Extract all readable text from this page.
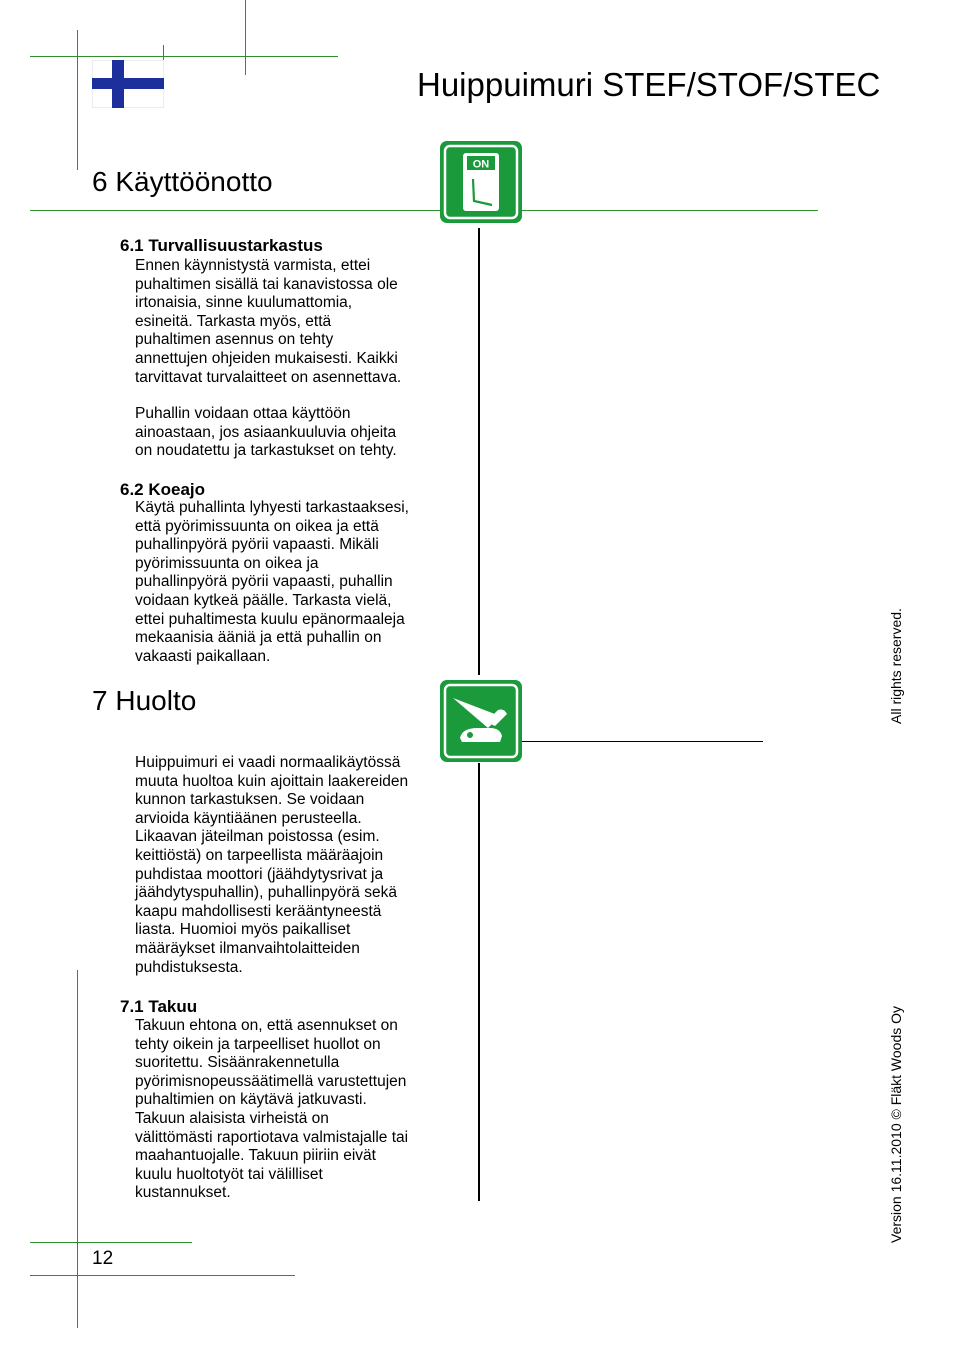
Huippuimuri STEF/STOF/STEC
6 Käyttöönotto
ON
6.1 Turvallisuustarkastus
Ennen käynnistystä varmista, ettei
puhaltimen sisällä tai kanavistossa ole
irtonaisia, sinne kuulumattomia,
esineitä. Tarkasta myös, että
puhaltimen asennus on tehty
annettujen ohjeiden mukaisesti. Kaikki
tarvittavat turvalaitteet on asennettava.
Puhallin voidaan ottaa käyttöön
ainoastaan, jos asiaankuuluvia ohjeita
on noudatettu ja tarkastukset on tehty.
6.2 Koeajo
Käytä puhallinta lyhyesti tarkastaaksesi,
että pyörimissuunta on oikea ja että
puhallinpyörä pyörii vapaasti. Mikäli
pyörimissuunta on oikea ja
puhallinpyörä pyörii vapaasti, puhallin
voidaan kytkeä päälle. Tarkasta vielä,
ettei puhaltimesta kuulu epänormaaleja
mekaanisia ääniä ja että puhallin on
vakaasti paikallaan.
7 Huolto
Huippuimuri ei vaadi normaalikäytössä
muuta huoltoa kuin ajoittain laakereiden
kunnon tarkastuksen. Se voidaan
arvioida käyntiäänen perusteella.
Likaavan jäteilman poistossa (esim.
keittiöstä) on tarpeellista määräajoin
puhdistaa moottori (jäähdytysrivat ja
jäähdytyspuhallin), puhallinpyörä sekä
kaapu mahdollisesti kerääntyneestä
liasta. Huomioi myös paikalliset
määräykset ilmanvaihtolaitteiden
puhdistuksesta.
7.1 Takuu
Takuun ehtona on, että asennukset on
tehty oikein ja tarpeelliset huollot on
suoritettu. Sisäänrakennetulla
pyörimisnopeussäätimellä varustettujen
puhaltimien on käytävä jatkuvasti.
Takuun alaisista virheistä on
välittömästi raportiotava valmistajalle tai
maahantuojalle. Takuun piiriin eivät
kuulu huoltotyöt tai välilliset
kustannukset.
All rights reserved.
Version 16.11.2010 © Fläkt Woods Oy
12
